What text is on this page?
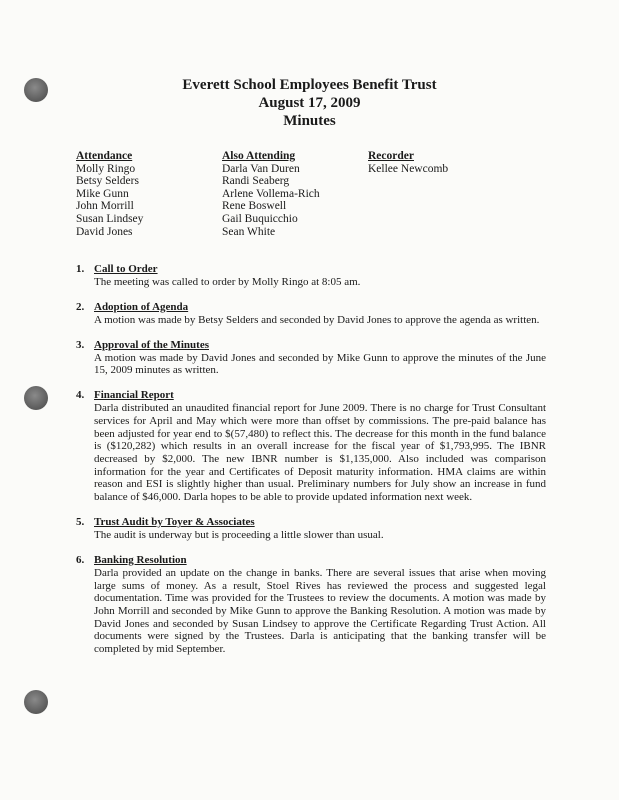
Everett School Employees Benefit Trust
August 17, 2009
Minutes
Attendance
Molly Ringo
Betsy Selders
Mike Gunn
John Morrill
Susan Lindsey
David Jones
Also Attending
Darla Van Duren
Randi Seaberg
Arlene Vollema-Rich
Rene Boswell
Gail Buquicchio
Sean White
Recorder
Kellee Newcomb
1. Call to Order
The meeting was called to order by Molly Ringo at 8:05 am.
2. Adoption of Agenda
A motion was made by Betsy Selders and seconded by David Jones to approve the agenda as written.
3. Approval of the Minutes
A motion was made by David Jones and seconded by Mike Gunn to approve the minutes of the June 15, 2009 minutes as written.
4. Financial Report
Darla distributed an unaudited financial report for June 2009. There is no charge for Trust Consultant services for April and May which were more than offset by commissions. The pre-paid balance has been adjusted for year end to $(57,480) to reflect this. The decrease for this month in the fund balance is ($120,282) which results in an overall increase for the fiscal year of $1,793,995. The IBNR decreased by $2,000. The new IBNR number is $1,135,000. Also included was comparison information for the year and Certificates of Deposit maturity information. HMA claims are within reason and ESI is slightly higher than usual. Preliminary numbers for July show an increase in fund balance of $46,000. Darla hopes to be able to provide updated information next week.
5. Trust Audit by Toyer & Associates
The audit is underway but is proceeding a little slower than usual.
6. Banking Resolution
Darla provided an update on the change in banks. There are several issues that arise when moving large sums of money. As a result, Stoel Rives has reviewed the process and suggested legal documentation. Time was provided for the Trustees to review the documents. A motion was made by John Morrill and seconded by Mike Gunn to approve the Banking Resolution. A motion was made by David Jones and seconded by Susan Lindsey to approve the Certificate Regarding Trust Action. All documents were signed by the Trustees. Darla is anticipating that the banking transfer will be completed by mid September.
